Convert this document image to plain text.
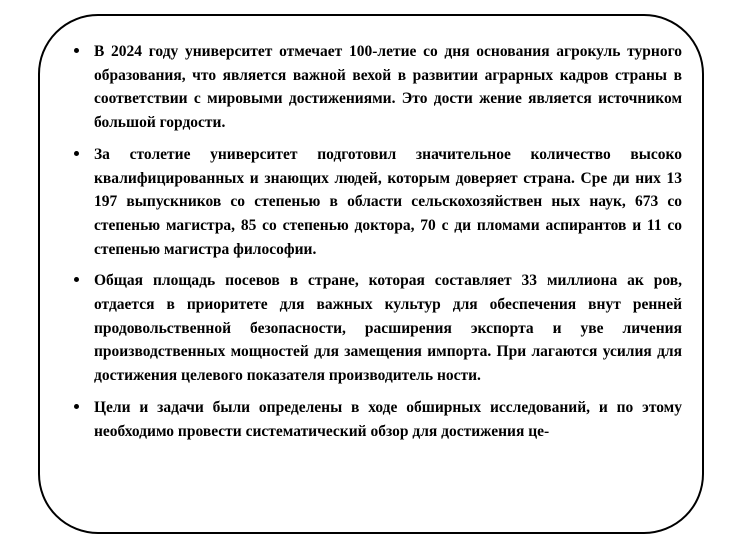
В 2024 году университет отмечает 100-летие со дня основания агрокуль турного образования, что является важной вехой в развитии аграрных кадров страны в соответствии с мировыми достижениями. Это дости жение является источником большой гордости.
За столетие университет подготовил значительное количество высоко квалифицированных и знающих людей, которым доверяет страна. Сре ди них 13 197 выпускников со степенью в области сельскохозяйствен ных наук, 673 со степенью магистра, 85 со степенью доктора, 70 с ди пломами аспирантов и 11 со степенью магистра философии.
Общая площадь посевов в стране, которая составляет 33 миллиона ак ров, отдается в приоритете для важных культур для обеспечения внут ренней продовольственной безопасности, расширения экспорта и уве личения производственных мощностей для замещения импорта. При лагаются усилия для достижения целевого показателя производитель ности.
Цели и задачи были определены в ходе обширных исследований, и по этому необходимо провести систематический обзор для достижения це-
